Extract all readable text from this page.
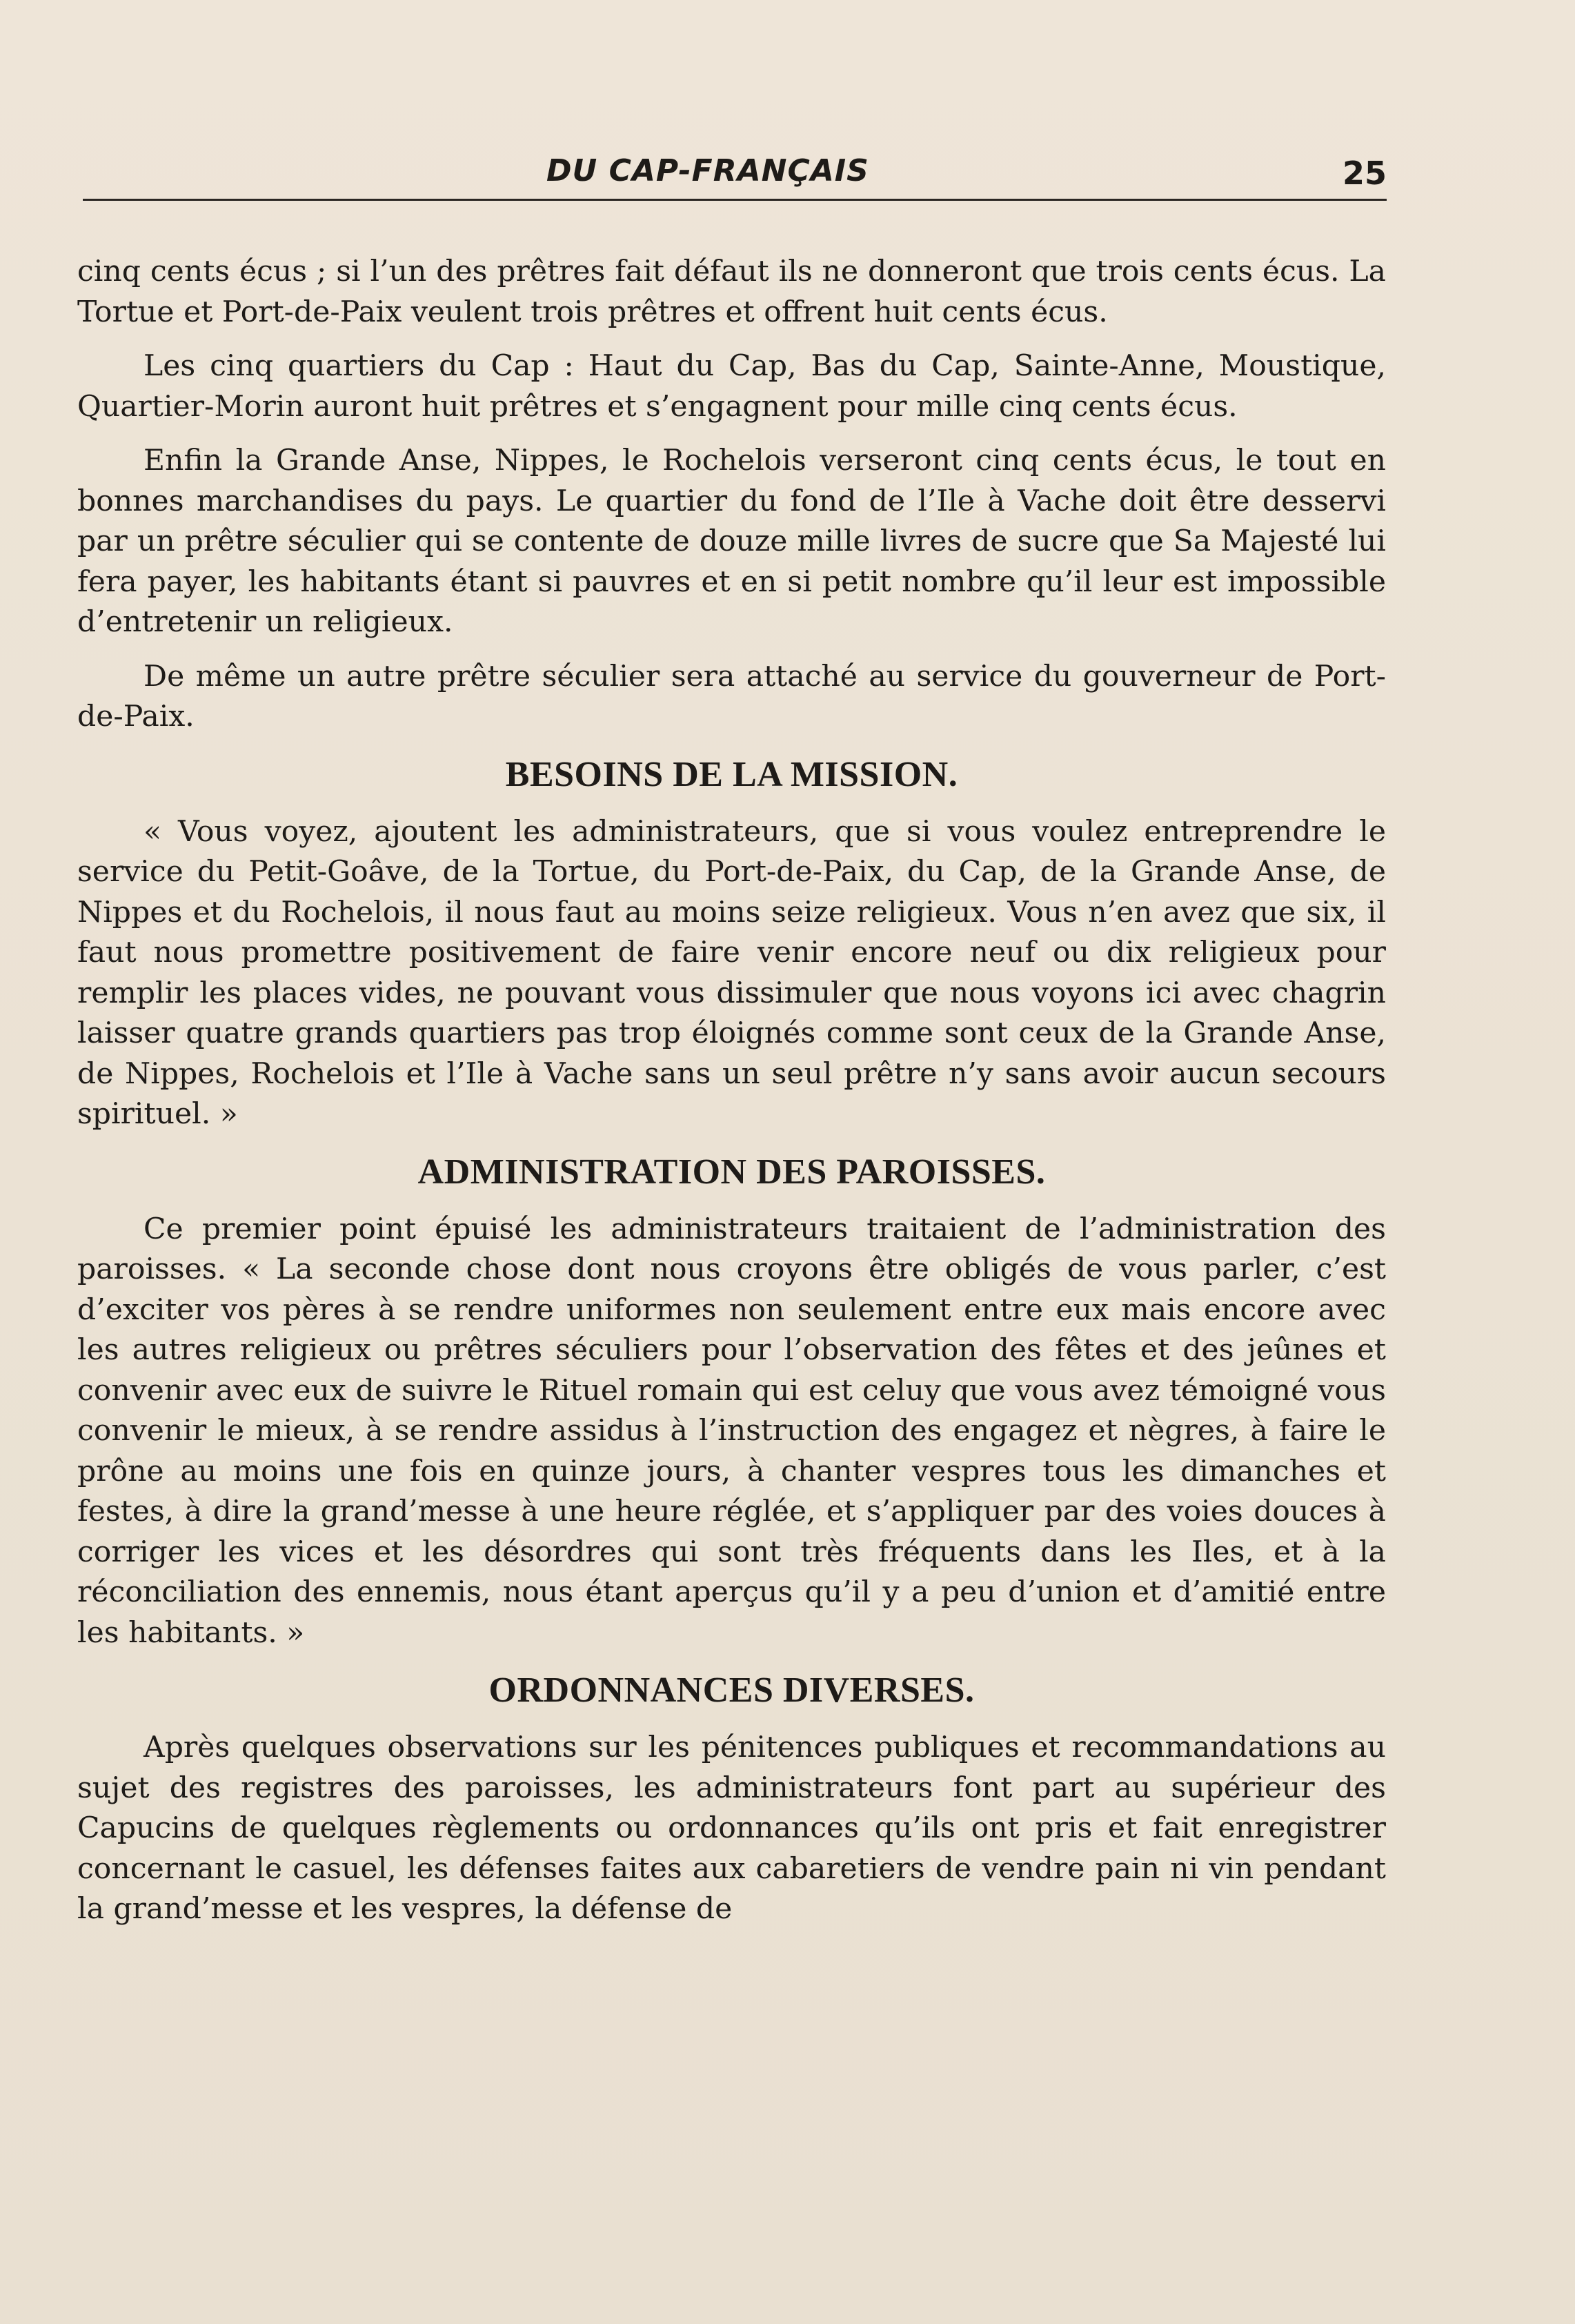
DU CAP-FRANÇAIS	25

cinq cents écus ; si l’un des prêtres fait défaut ils ne donneront que trois cents écus. La Tortue et Port-de-Paix veulent trois prêtres et offrent huit cents écus.

Les cinq quartiers du Cap : Haut du Cap, Bas du Cap, Sainte-Anne, Moustique, Quartier-Morin auront huit prêtres et s’engagnent pour mille cinq cents écus.

Enfin la Grande Anse, Nippes, le Rochelois verseront cinq cents écus, le tout en bonnes marchandises du pays. Le quartier du fond de l’Ile à Vache doit être desservi par un prêtre séculier qui se contente de douze mille livres de sucre que Sa Majesté lui fera payer, les habitants étant si pauvres et en si petit nombre qu’il leur est impossible d’entretenir un religieux.

De même un autre prêtre séculier sera attaché au service du gouverneur de Port-de-Paix.

BESOINS DE LA MISSION.

« Vous voyez, ajoutent les administrateurs, que si vous voulez entreprendre le service du Petit-Goâve, de la Tortue, du Port-de-Paix, du Cap, de la Grande Anse, de Nippes et du Rochelois, il nous faut au moins seize religieux. Vous n’en avez que six, il faut nous promettre positivement de faire venir encore neuf ou dix religieux pour remplir les places vides, ne pouvant vous dissimuler que nous voyons ici avec chagrin laisser quatre grands quartiers pas trop éloignés comme sont ceux de la Grande Anse, de Nippes, Rochelois et l’Ile à Vache sans un seul prêtre n’y sans avoir aucun secours spirituel. »

ADMINISTRATION DES PAROISSES.

Ce premier point épuisé les administrateurs traitaient de l’administration des paroisses. « La seconde chose dont nous croyons être obligés de vous parler, c’est d’exciter vos pères à se rendre uniformes non seulement entre eux mais encore avec les autres religieux ou prêtres séculiers pour l’observation des fêtes et des jeûnes et convenir avec eux de suivre le Rituel romain qui est celuy que vous avez témoigné vous convenir le mieux, à se rendre assidus à l’instruction des engagez et nègres, à faire le prône au moins une fois en quinze jours, à chanter vespres tous les dimanches et festes, à dire la grand’messe à une heure réglée, et s’appliquer par des voies douces à corriger les vices et les désordres qui sont très fréquents dans les Iles, et à la réconciliation des ennemis, nous étant aperçus qu’il y a peu d’union et d’amitié entre les habitants. »

ORDONNANCES DIVERSES.

Après quelques observations sur les pénitences publiques et recommandations au sujet des registres des paroisses, les administrateurs font part au supérieur des Capucins de quelques règlements ou ordonnances qu’ils ont pris et fait enregistrer concernant le casuel, les défenses faites aux cabaretiers de vendre pain ni vin pendant la grand’messe et les vespres, la défense de
